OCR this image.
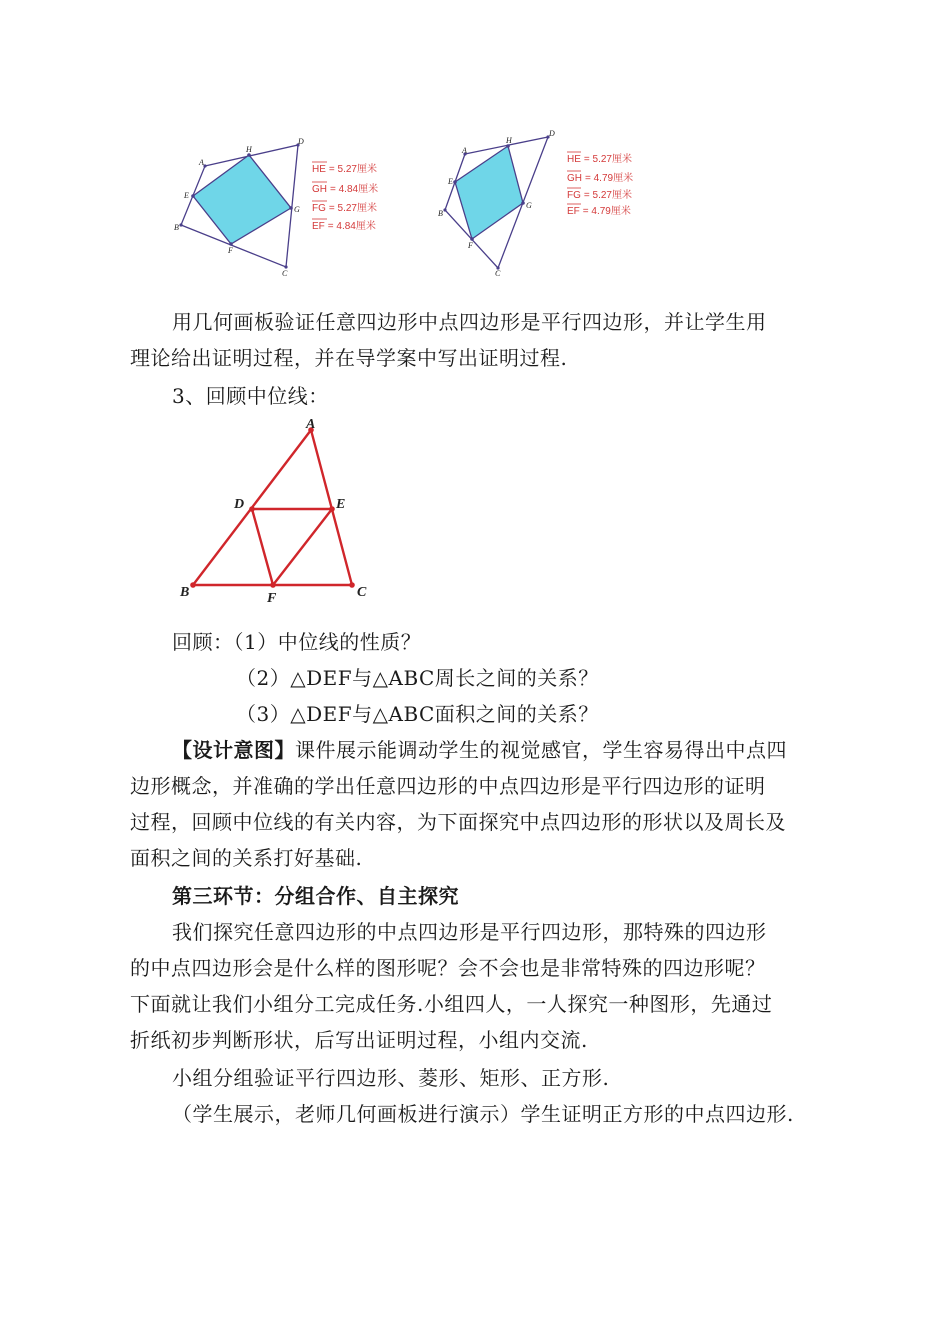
A
D
C
B
H
G
F
E
HE = 5.27厘米
GH = 4.84厘米
FG = 5.27厘米
EF = 4.84厘米
A
D
C
B
H
G
F
E
HE = 5.27厘米
GH = 4.79厘米
FG = 5.27厘米
EF = 4.79厘米

用几何画板验证任意四边形中点四边形是平行四边形，并让学生用

理论给出证明过程，并在导学案中写出证明过程.

3、回顾中位线：

A
B	C
D	E
F

回顾：（1）中位线的性质？

（2）△DEF与△ABC周长之间的关系？

（3）△DEF与△ABC面积之间的关系？

【设计意图】课件展示能调动学生的视觉感官，学生容易得出中点四

边形概念，并准确的学出任意四边形的中点四边形是平行四边形的证明

过程，回顾中位线的有关内容，为下面探究中点四边形的形状以及周长及

面积之间的关系打好基础.

第三环节：分组合作、自主探究

我们探究任意四边形的中点四边形是平行四边形，那特殊的四边形

的中点四边形会是什么样的图形呢？会不会也是非常特殊的四边形呢？

下面就让我们小组分工完成任务.小组四人，一人探究一种图形，先通过

折纸初步判断形状，后写出证明过程，小组内交流.

小组分组验证平行四边形、菱形、矩形、正方形.

（学生展示，老师几何画板进行演示）学生证明正方形的中点四边形.
